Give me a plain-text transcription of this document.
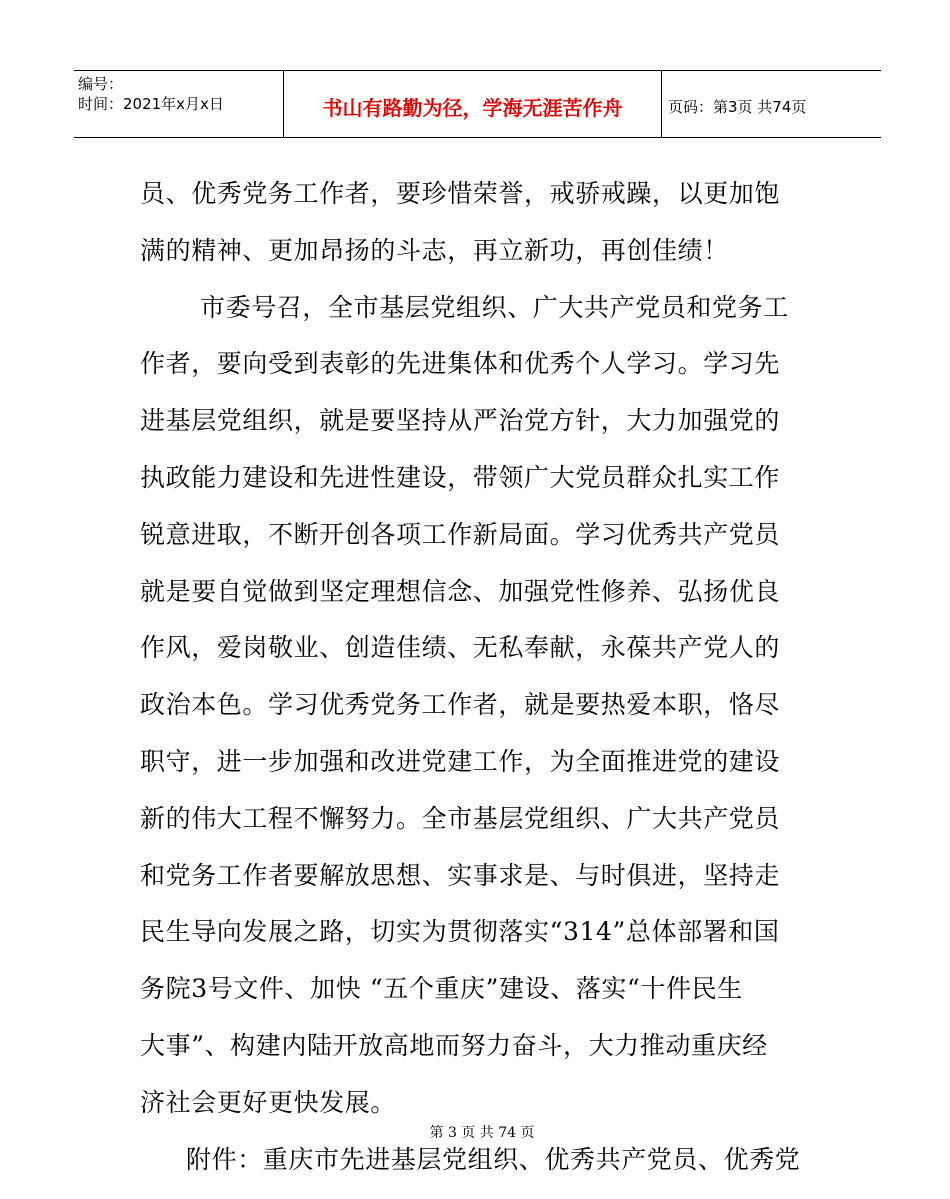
编号：
时间：2021年x月x日	书山有路勤为径，学海无涯苦作舟	页码：第3页 共74页
员、优秀党务工作者，要珍惜荣誉，戒骄戒躁，以更加饱
满的精神、更加昂扬的斗志，再立新功，再创佳绩！
市委号召，全市基层党组织、广大共产党员和党务工
作者，要向受到表彰的先进集体和优秀个人学习。学习先
进基层党组织，就是要坚持从严治党方针，大力加强党的
执政能力建设和先进性建设，带领广大党员群众扎实工作
锐意进取，不断开创各项工作新局面。学习优秀共产党员
就是要自觉做到坚定理想信念、加强党性修养、弘扬优良
作风，爱岗敬业、创造佳绩、无私奉献，永葆共产党人的
政治本色。学习优秀党务工作者，就是要热爱本职，恪尽
职守，进一步加强和改进党建工作，为全面推进党的建设
新的伟大工程不懈努力。全市基层党组织、广大共产党员
和党务工作者要解放思想、实事求是、与时俱进，坚持走
民生导向发展之路，切实为贯彻落实“314”总体部署和国
务院3号文件、加快 “五个重庆”建设、落实“十件民生
大事”、构建内陆开放高地而努力奋斗，大力推动重庆经
济社会更好更快发展。
附件：重庆市先进基层党组织、优秀共产党员、优秀党
第 3 页 共 74 页
